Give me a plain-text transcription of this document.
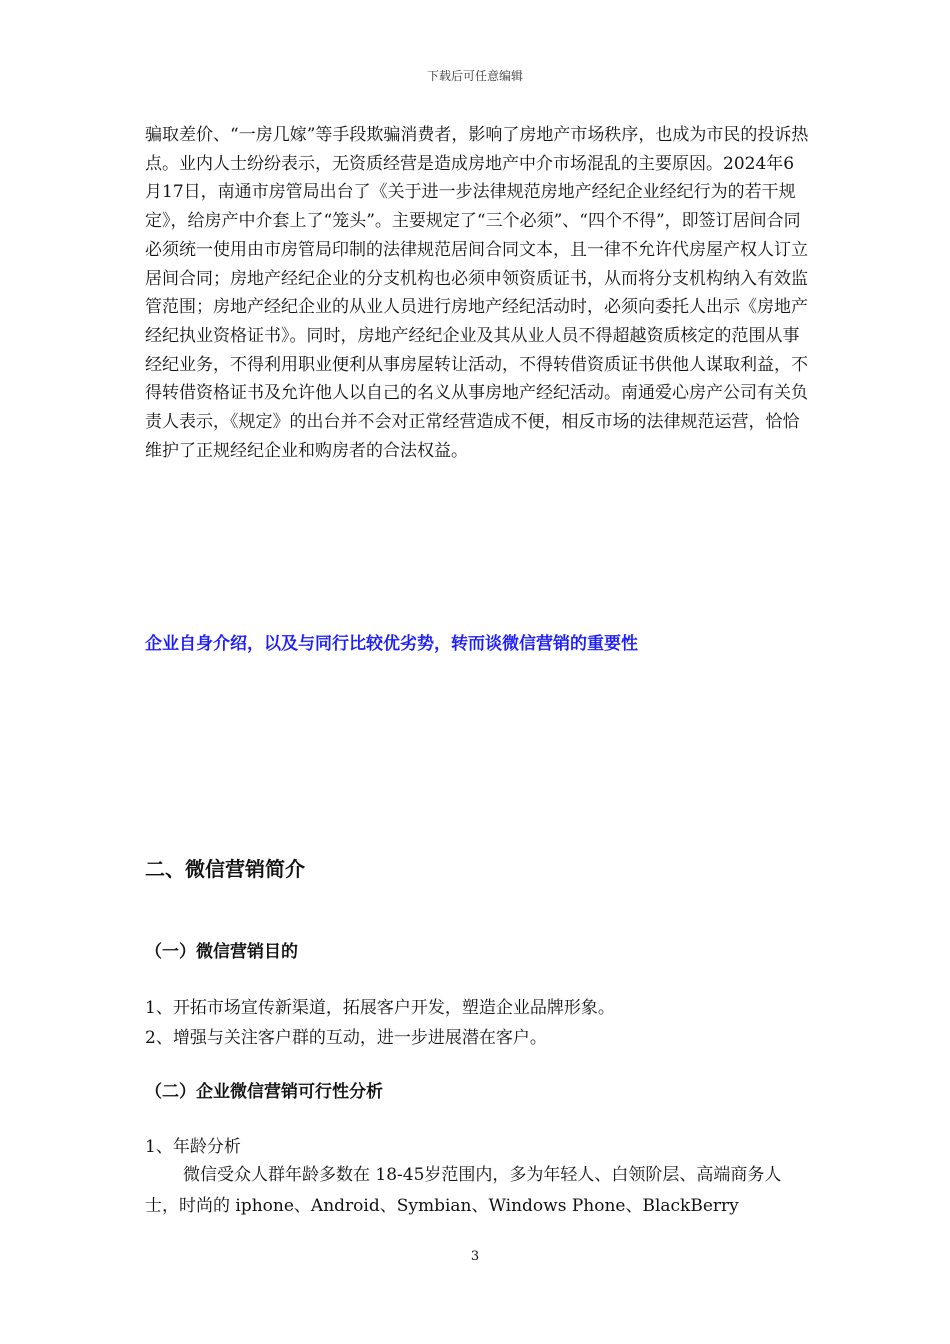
下载后可任意编辑
骗取差价、“一房几嫁”等手段欺骗消费者，影响了房地产市场秩序，也成为市民的投诉热点。业内人士纷纷表示，无资质经营是造成房地产中介市场混乱的主要原因。2024年6月17日，南通市房管局出台了《关于进一步法律规范房地产经纪企业经纪行为的若干规定》，给房产中介套上了“笼头”。主要规定了“三个必须”、“四个不得”，即签订居间合同必须统一使用由市房管局印制的法律规范居间合同文本，且一律不允许代房屋产权人订立居间合同；房地产经纪企业的分支机构也必须申领资质证书，从而将分支机构纳入有效监管范围；房地产经纪企业的从业人员进行房地产经纪活动时，必须向委托人出示《房地产经纪执业资格证书》。同时，房地产经纪企业及其从业人员不得超越资质核定的范围从事经纪业务，不得利用职业便利从事房屋转让活动，不得转借资质证书供他人谋取利益，不得转借资格证书及允许他人以自己的名义从事房地产经纪活动。南通爱心房产公司有关负责人表示，《规定》的出台并不会对正常经营造成不便，相反市场的法律规范运营，恰恰维护了正规经纪企业和购房者的合法权益。
企业自身介绍，以及与同行比较优劣势，转而谈微信营销的重要性
二、微信营销简介
（一）微信营销目的
1、开拓市场宣传新渠道，拓展客户开发，塑造企业品牌形象。
2、增强与关注客户群的互动，进一步进展潜在客户。
（二）企业微信营销可行性分析
1、年龄分析
微信受众人群年龄多数在 18-45岁范围内，多为年轻人、白领阶层、高端商务人士，时尚的 iphone、Android、Symbian、Windows Phone、BlackBerry
3
